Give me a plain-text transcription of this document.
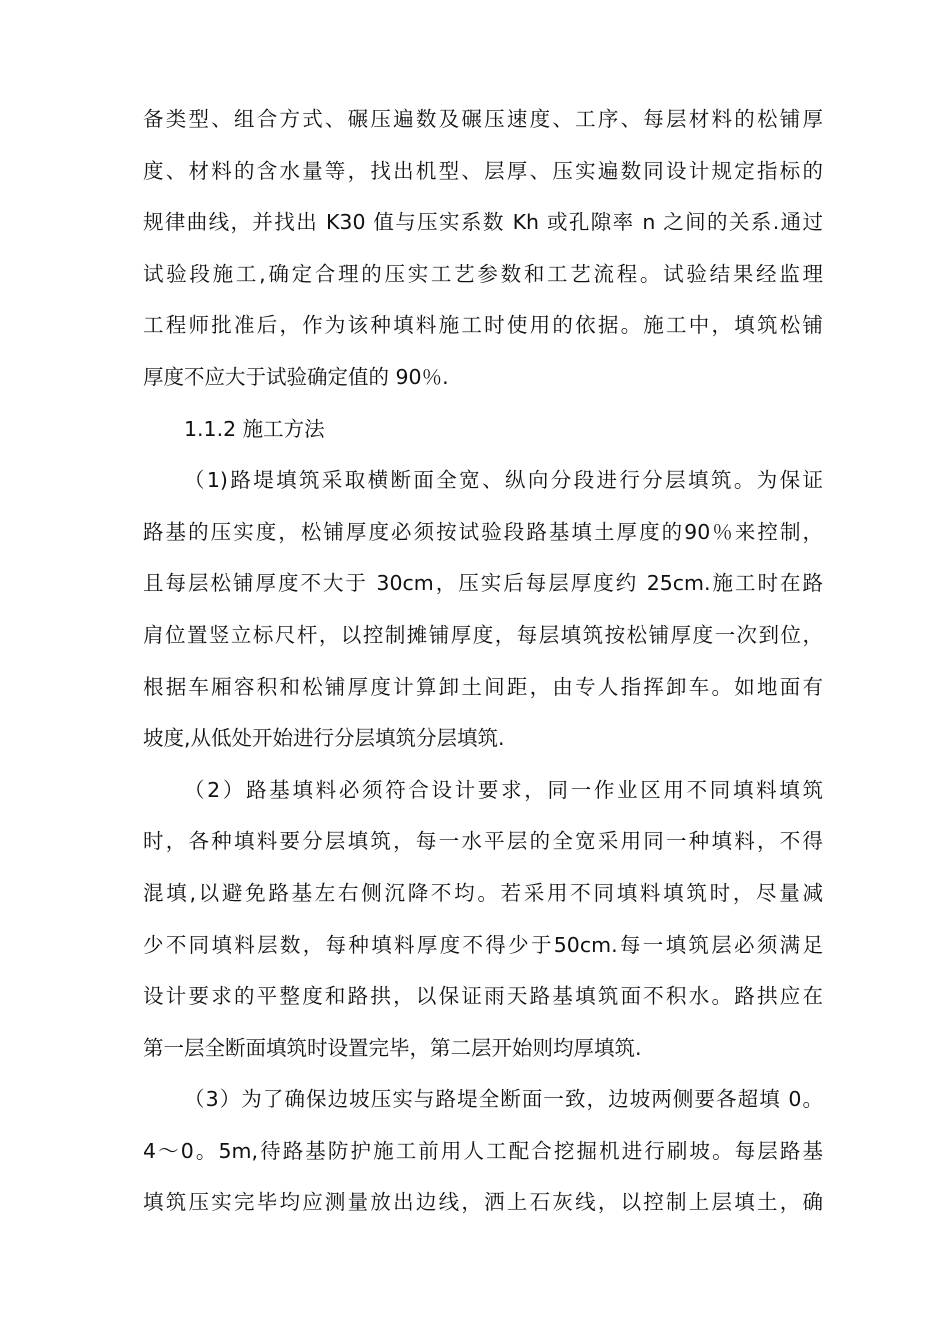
备类型、组合方式、碾压遍数及碾压速度、工序、每层材料的松铺厚
度、材料的含水量等，找出机型、层厚、压实遍数同设计规定指标的
规律曲线，并找出 K30 值与压实系数 Kh 或孔隙率 n 之间的关系.通过
试验段施工,确定合理的压实工艺参数和工艺流程。试验结果经监理
工程师批准后，作为该种填料施工时使用的依据。施工中，填筑松铺
厚度不应大于试验确定值的 90％.
1.1.2 施工方法
（1)路堤填筑采取横断面全宽、纵向分段进行分层填筑。为保证
路基的压实度，松铺厚度必须按试验段路基填土厚度的90％来控制，
且每层松铺厚度不大于 30cm，压实后每层厚度约 25cm.施工时在路
肩位置竖立标尺杆，以控制摊铺厚度，每层填筑按松铺厚度一次到位，
根据车厢容积和松铺厚度计算卸土间距，由专人指挥卸车。如地面有
坡度,从低处开始进行分层填筑分层填筑.
（2）路基填料必须符合设计要求，同一作业区用不同填料填筑
时，各种填料要分层填筑，每一水平层的全宽采用同一种填料，不得
混填,以避免路基左右侧沉降不均。若采用不同填料填筑时，尽量减
少不同填料层数，每种填料厚度不得少于50cm.每一填筑层必须满足
设计要求的平整度和路拱，以保证雨天路基填筑面不积水。路拱应在
第一层全断面填筑时设置完毕，第二层开始则均厚填筑.
（3）为了确保边坡压实与路堤全断面一致，边坡两侧要各超填 0。
4～0。5m,待路基防护施工前用人工配合挖掘机进行刷坡。每层路基
填筑压实完毕均应测量放出边线，洒上石灰线，以控制上层填土，确
